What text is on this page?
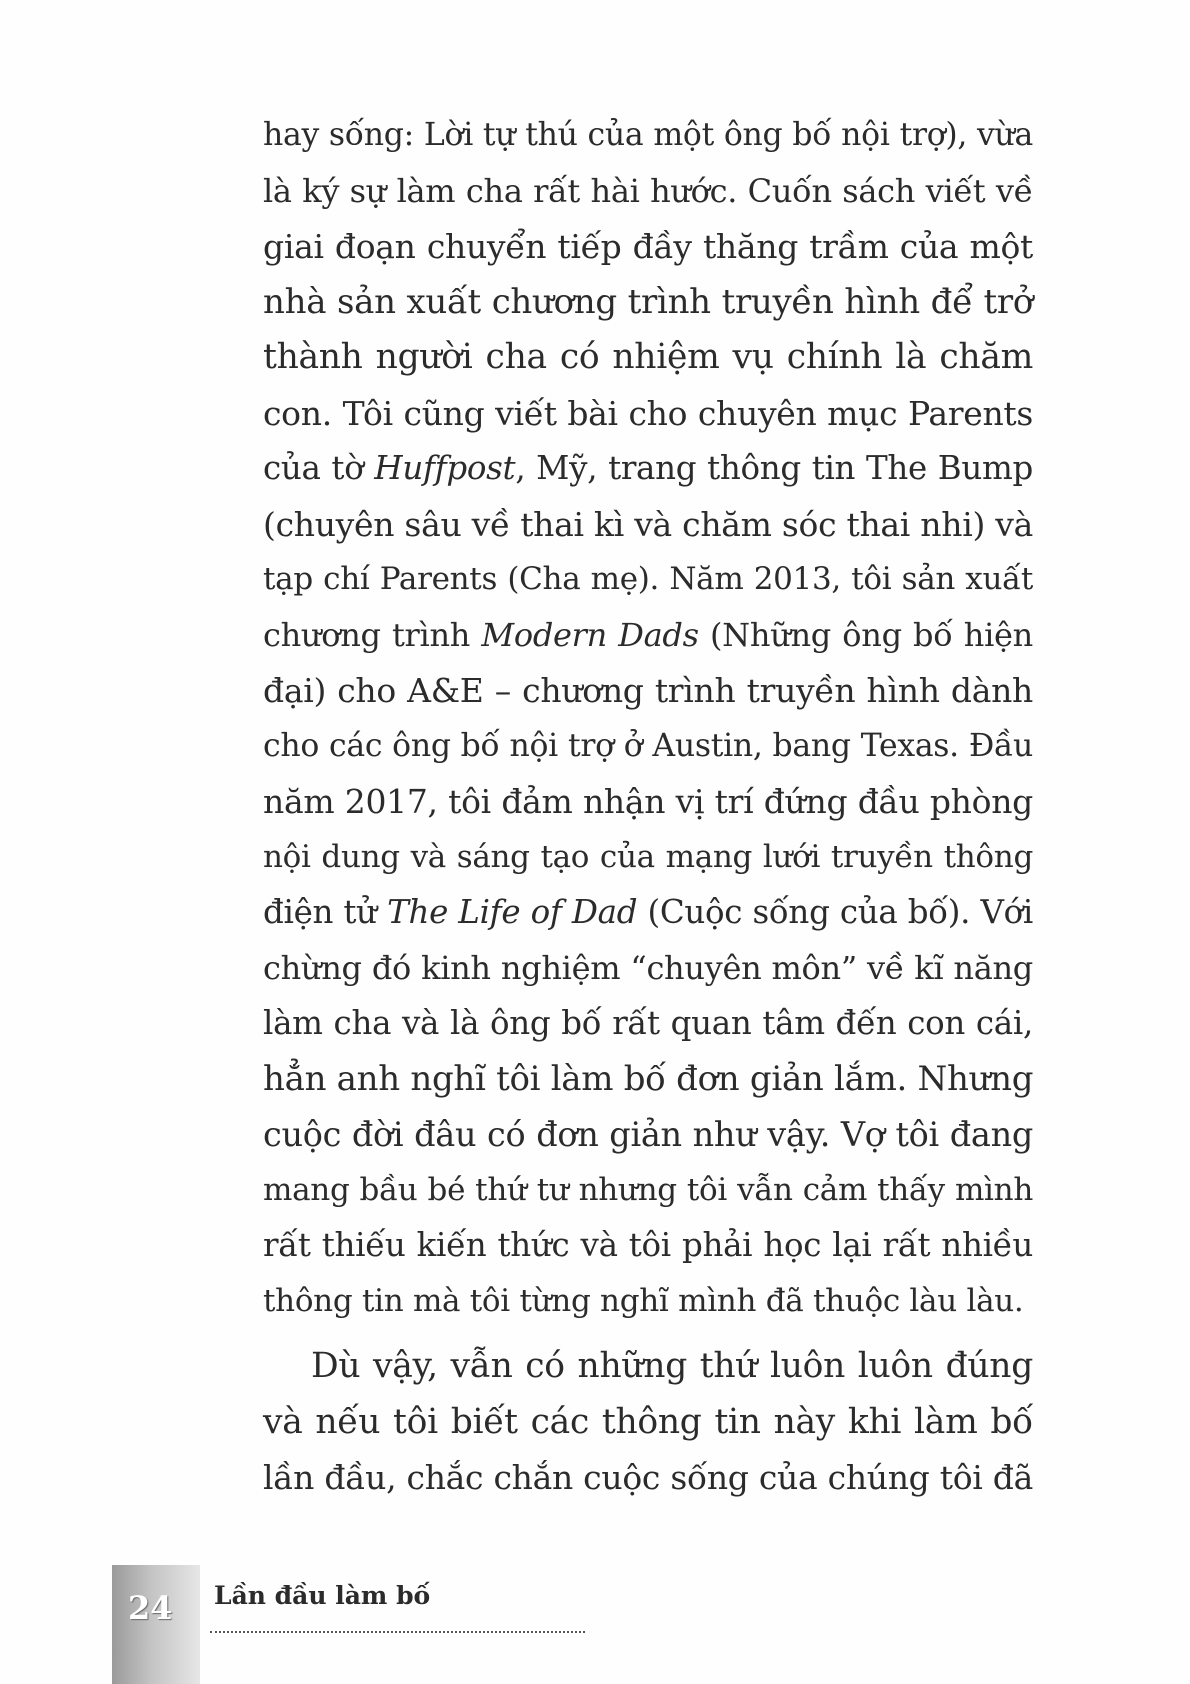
hay sống: Lời tự thú của một ông bố nội trợ), vừa
là ký sự làm cha rất hài hước. Cuốn sách viết về
giai đoạn chuyển tiếp đầy thăng trầm của một
nhà sản xuất chương trình truyền hình để trở
thành người cha có nhiệm vụ chính là chăm
con. Tôi cũng viết bài cho chuyên mục Parents
của tờ Huffpost, Mỹ, trang thông tin The Bump
(chuyên sâu về thai kì và chăm sóc thai nhi) và
tạp chí Parents (Cha mẹ). Năm 2013, tôi sản xuất
chương trình Modern Dads (Những ông bố hiện
đại) cho A&E – chương trình truyền hình dành
cho các ông bố nội trợ ở Austin, bang Texas. Đầu
năm 2017, tôi đảm nhận vị trí đứng đầu phòng
nội dung và sáng tạo của mạng lưới truyền thông
điện tử The Life of Dad (Cuộc sống của bố). Với
chừng đó kinh nghiệm “chuyên môn” về kĩ năng
làm cha và là ông bố rất quan tâm đến con cái,
hẳn anh nghĩ tôi làm bố đơn giản lắm. Nhưng
cuộc đời đâu có đơn giản như vậy. Vợ tôi đang
mang bầu bé thứ tư nhưng tôi vẫn cảm thấy mình
rất thiếu kiến thức và tôi phải học lại rất nhiều
thông tin mà tôi từng nghĩ mình đã thuộc làu làu.

Dù vậy, vẫn có những thứ luôn luôn đúng
và nếu tôi biết các thông tin này khi làm bố
lần đầu, chắc chắn cuộc sống của chúng tôi đã

24 Lần đầu làm bố
